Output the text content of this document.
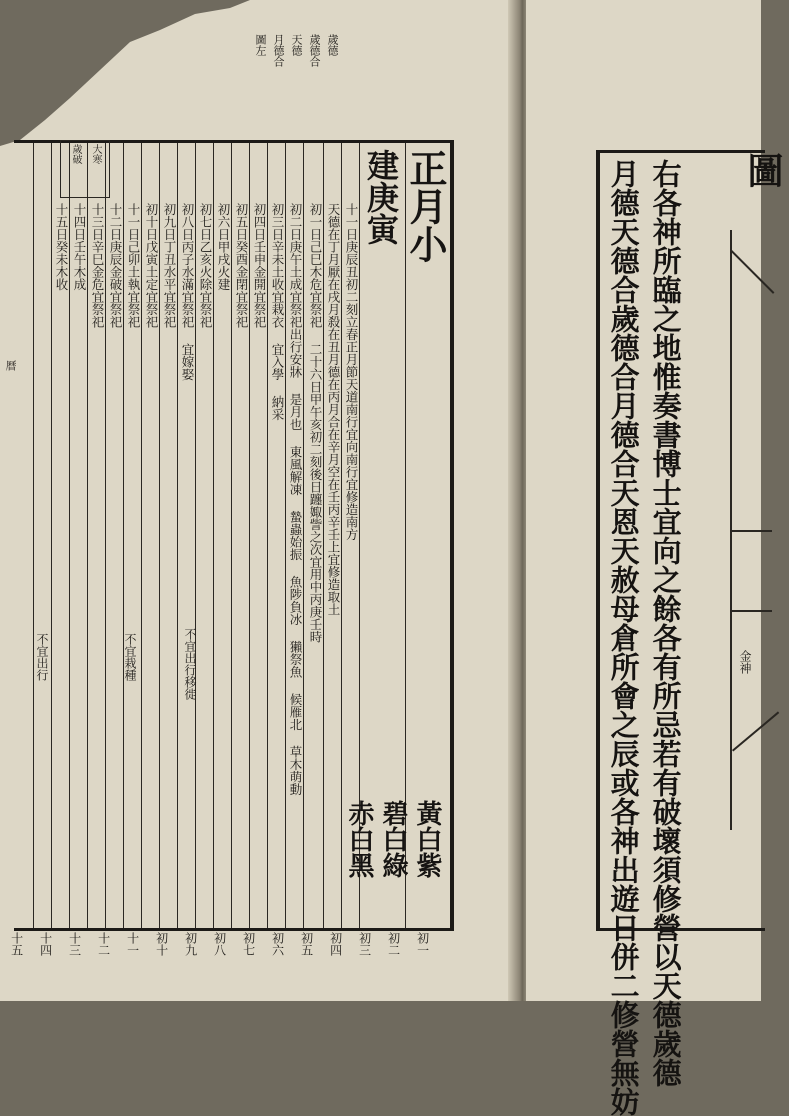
歲德
歲德合
天德
月德合
圖左
正月小
建庚寅
十一日庚辰丑初二刻立春正月節天道南行宜向南行宜修造南方
天德在丁月厭在戌月殺在丑月德在丙月合在辛月空在壬丙辛壬上宜修造取土
初一日己巳木危宜祭祀 二十六日甲午亥初二刻後日躔娵訾之次宜用中丙庚壬時
初二日庚午土成宜祭祀出行安牀 是月也 東風解凍 蟄蟲始振 魚陟負冰 獺祭魚 候雁北 草木萌動
初三日辛未土收宜栽衣 宜入學 納采
初四日壬申金開宜祭祀
初五日癸酉金閉宜祭祀
初六日甲戌火建
初七日乙亥火除宜祭祀
初八日丙子水滿宜祭祀 宜嫁娶
初九日丁丑水平宜祭祀
初十日戊寅土定宜祭祀
十一日己卯土執宜祭祀
十二日庚辰金破宜祭祀
十三日辛巳金危宜祭祀
十四日壬午木成
十五日癸未木收
不宜出行移徙
不宜栽種
不宜出行
黃白紫
碧白綠
赤白黑
大寒
歲破
十五 十四 十三 十二 十一 初十 初九 初八 初七 初六 初五 初四 初三 初二 初一
曆	右各神所臨之地惟奏書博士宜向之餘各有所忌若有破壞須修營以天德歲德
月德天德合歲德合月德合天恩天赦母倉所會之辰或各神出遊日併二修營無妨	圖
金神
